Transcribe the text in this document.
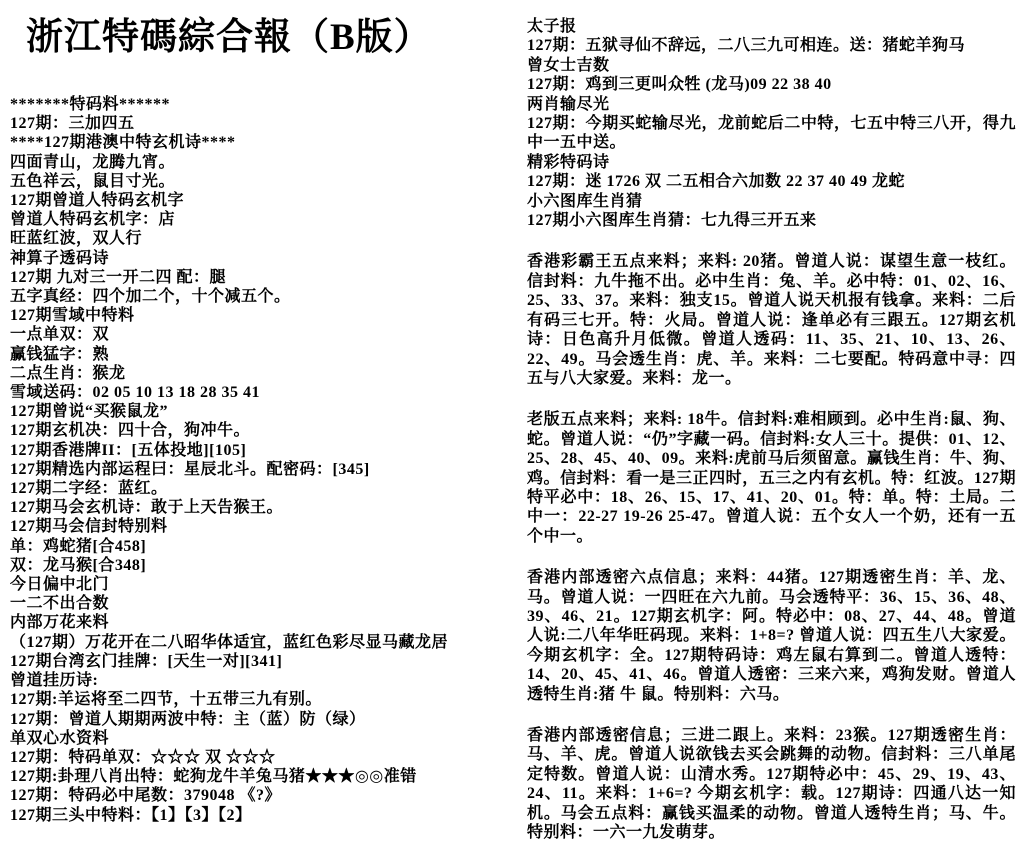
浙江特碼綜合報（B版）
*******特码料******
127期：三加四五
****127期港澳中特玄机诗****
四面青山，龙腾九宵。
五色祥云，鼠目寸光。
127期曾道人特码玄机字
曾道人特码玄机字：店
旺蓝红波，双人行
神算子透码诗
127期 九对三一开二四 配：腿
五字真经：四个加二个，十个减五个。
127期雪域中特料
一点单双：双
赢钱猛字：熟
二点生肖：猴龙
雪域送码：02 05 10 13 18 28 35 41
127期曾说“买猴鼠龙”
127期玄机决：四十合，狗冲牛。
127期香港牌II：[五体投地][105]
127期精选内部运程曰：星辰北斗。配密码：[345]
127期二字经：蓝红。
127期马会玄机诗：敢于上天告猴王。
127期马会信封特别料
单：鸡蛇猪[合458]
双：龙马猴[合348]
今日偏中北门
一二不出合数
内部万花来料
（127期）万花开在二八昭华体适宜，蓝红色彩尽显马藏龙居
127期台湾玄门挂牌：[天生一对][341]
曾道挂历诗:
127期:羊运将至二四节，十五带三九有别。
127期：曾道人期期两波中特：主（蓝）防（绿）
单双心水资料
127期：特码单双：☆☆☆ 双 ☆☆☆
127期:卦理八肖出特：蛇狗龙牛羊兔马猪★★★◎◎准错
127期：特码必中尾数：379048 《?》
127期三头中特料：【1】【3】【2】
太子报
127期：五狱寻仙不辞远，二八三九可相连。送：猪蛇羊狗马
曾女士吉数
127期：鸡到三更叫众牲 (龙马)09 22 38 40
两肖输尽光
127期：今期买蛇输尽光，龙前蛇后二中特，七五中特三八开，得九中一五中送。
精彩特码诗
127期：迷 1726 双 二五相合六加数 22 37 40 49 龙蛇
小六图库生肖猜
127期小六图库生肖猜：七九得三开五来
香港彩霸王五点来料；来料: 20猪。曾道人说：谋望生意一枝红。信封料：九牛拖不出。必中生肖：兔、羊。必中特：01、02、16、25、33、37。来料：独支15。曾道人说天机报有钱拿。来料：二后有码三七开。特：火局。曾道人说：逢单必有三跟五。127期玄机诗：日色高升月低微。曾道人透码：11、35、21、10、13、26、22、49。马会透生肖：虎、羊。来料：二七要配。特码意中寻：四五与八大家爱。来料：龙一。
老版五点来料；来料: 18牛。信封料:难相顾到。必中生肖:鼠、狗、蛇。曾道人说：“仍”字藏一码。信封料:女人三十。提供：01、12、25、28、45、40、09。来料:虎前马后须留意。赢钱生肖：牛、狗、鸡。信封料：看一是三正四时，五三之内有玄机。特：红波。127期特平必中：18、26、15、17、41、20、01。特：单。特：土局。二中一：22-27 19-26 25-47。曾道人说：五个女人一个奶，还有一五个中一。
香港内部透密六点信息；来料：44猪。127期透密生肖：羊、龙、马。曾道人说：一四旺在六九前。马会透特平：36、15、36、48、39、46、21。127期玄机字：阿。特必中：08、27、44、48。曾道人说:二八年华旺码现。来料：1+8=? 曾道人说：四五生八大家爱。今期玄机字：全。127期特码诗：鸡左鼠右算到二。曾道人透特：14、20、45、41、46。曾道人透密：三来六来，鸡狗发财。曾道人透特生肖:猪 牛 鼠。特别料：六马。
香港内部透密信息；三进二跟上。来料：23猴。127期透密生肖：马、羊、虎。曾道人说欲钱去买会跳舞的动物。信封料：三八单尾定特数。曾道人说：山清水秀。127期特必中：45、29、19、43、24、11。来料：1+6=? 今期玄机字：载。127期诗：四通八达一知机。马会五点料：赢钱买温柔的动物。曾道人透特生肖；马、牛。特别料：一六一九发萌芽。
